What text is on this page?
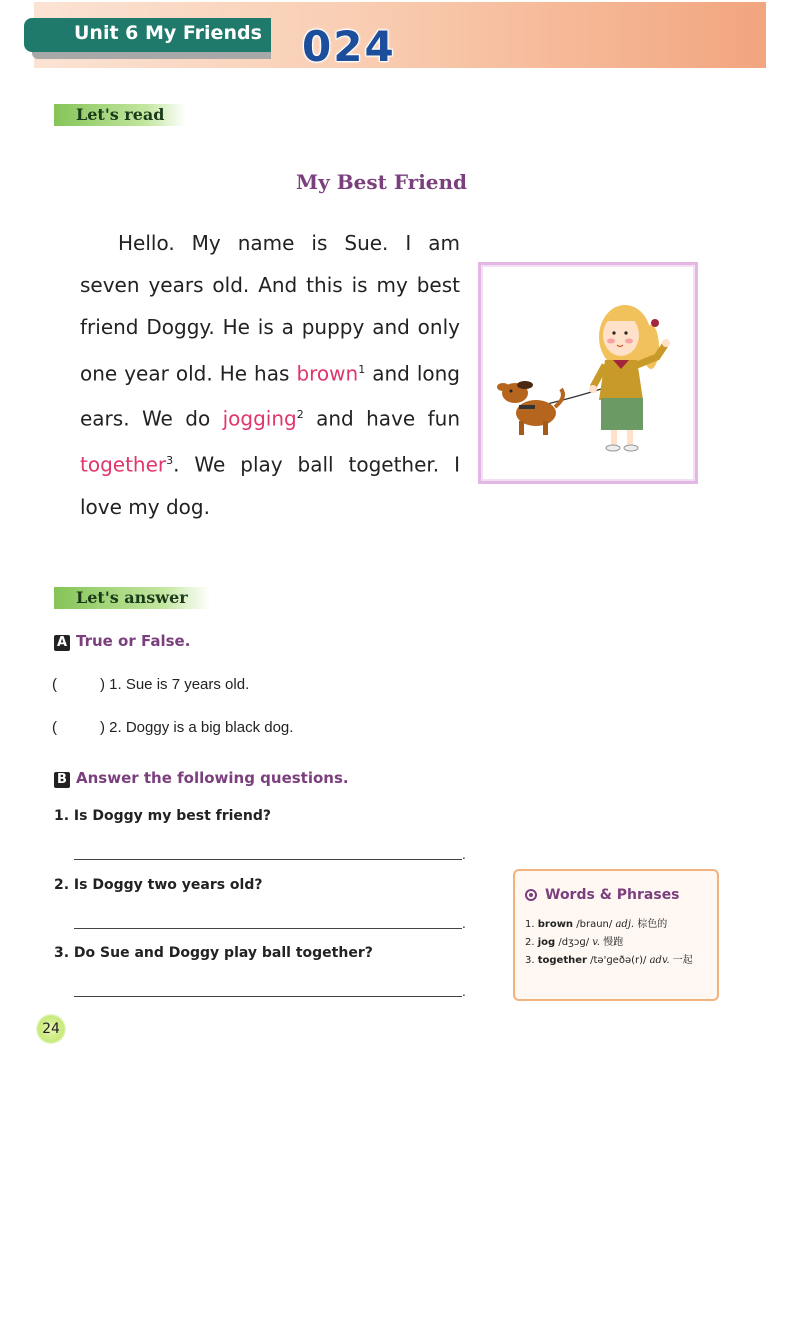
Unit 6 My Friends 024
Let's read
My Best Friend
Hello. My name is Sue. I am seven years old. And this is my best friend Doggy. He is a puppy and only one year old. He has brown$^1$ and long ears. We do jogging$^2$ and have fun together$^3$. We play ball together. I love my dog.
Let's answer
A True or False.
(	) 1. Sue is 7 years old.
(	) 2. Doggy is a big black dog.
B Answer the following questions.
1. Is Doggy my best friend?
.
2. Is Doggy two years old?
.
3. Do Sue and Doggy play ball together?
.
Words & Phrases
1. brown /braun/ adj. 棕色的
2. jog /dʒɔɡ/ v. 慢跑
3. together /tə'ɡeðə(r)/ adv. 一起
24
